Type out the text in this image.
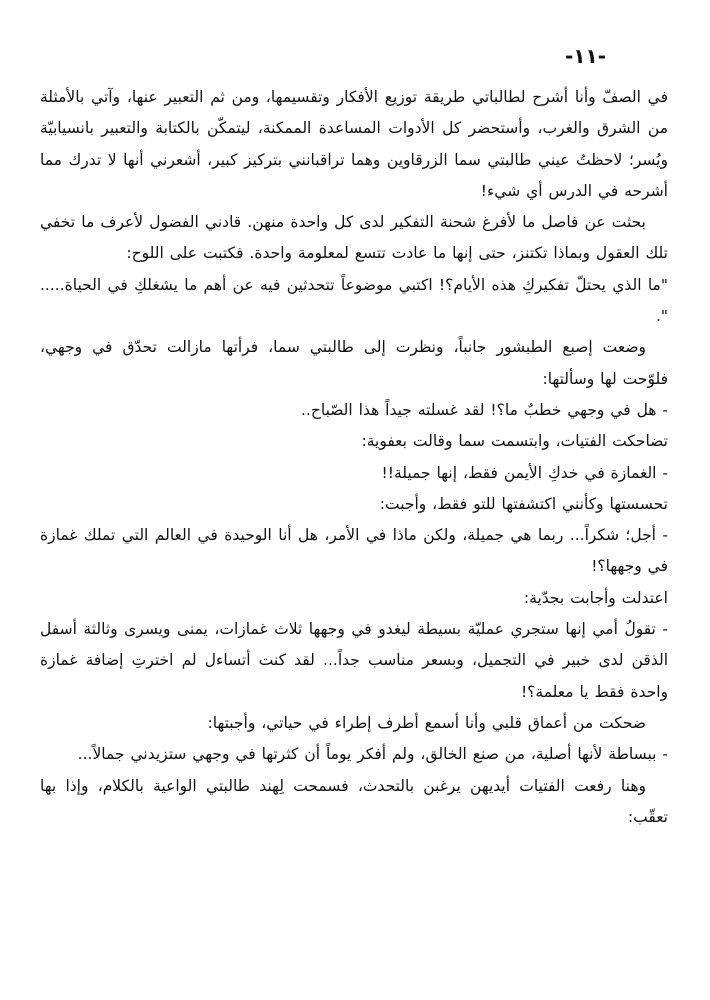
-١١-

في الصفّ وأنا أشرح لطالباتي طريقة توزيع الأفكار وتقسيمها، ومن ثم التعبير عنها، وآتي بالأمثلة من الشرق والغرب، وأستحضر كل الأدوات المساعدة الممكنة، ليتمكّن بالكتابة والتعبير بانسيابيّة ويُسر؛ لاحظتُ عيني طالبتي سما الزرقاوين وهما تراقبانني بتركيز كبير، أشعرني أنها لا تدرك مما أشرحه في الدرس أي شيء!

بحثت عن فاصل ما لأفرغ شحنة التفكير لدى كل واحدة منهن. قادني الفضول لأعرف ما تخفي تلك العقول وبماذا تكتنز، حتى إنها ما عادت تتسع لمعلومة واحدة. فكتبت على اللوح:

"ما الذي يحتلّ تفكيركِ هذه الأيام؟! اكتبي موضوعاً تتحدثين فيه عن أهم ما يشغلكِ في الحياة..... ".

وضعت إصبع الطبشور جانباً، ونظرت إلى طالبتي سما، فرأتها مازالت تحدّق في وجهي، فلوّحت لها وسألتها:

- هل في وجهي خطبٌ ما؟! لقد غسلته جيداً هذا الصّباح..

تضاحكت الفتيات، وابتسمت سما وقالت بعفوية:

- الغمازة في خدكِ الأيمن فقط، إنها جميلة!!

تحسستها وكأنني اكتشفتها للتو فقط، وأجبت:

- أجل؛ شكراً... ربما هي جميلة، ولكن ماذا في الأمر، هل أنا الوحيدة في العالم التي تملك غمازة في وجهها؟!

اعتدلت وأجابت بجدّية:

- تقولُ أمي إنها ستجري عمليّة بسيطة ليغدو في وجهها ثلاث غمازات، يمنى ويسرى وثالثة أسفل الذقن لدى خبير في التجميل، وبسعر مناسب جداً... لقد كنت أتساءل لم اخترتِ إضافة غمازة واحدة فقط يا معلمة؟!

ضحكت من أعماق قلبي وأنا أسمع أطرف إطراء في حياتي، وأجبتها:

- ببساطة لأنها أصلية، من صنع الخالق، ولم أفكر يوماً أن كثرتها في وجهي ستزيدني جمالاً...

وهنا رفعت الفتيات أيديهن يرغبن بالتحدث، فسمحت لِهند طالبتي الواعية بالكلام، وإذا بها تعقّب:
